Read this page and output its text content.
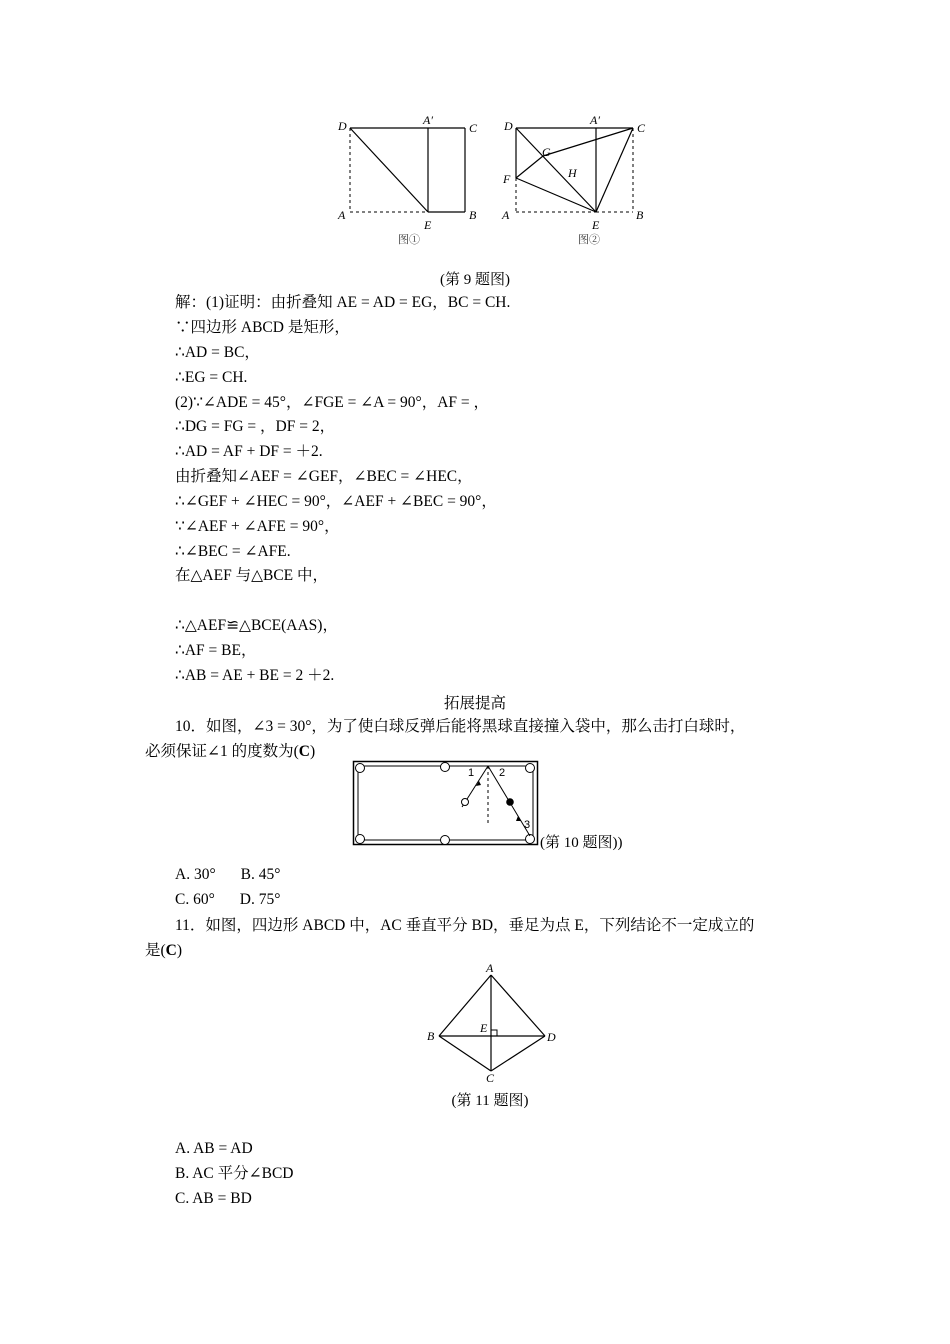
D	A′
C
A
E
B
图①
D	A′
C
G
H
F
A
E
B
图②
(第 9 题图)
解：(1)证明：由折叠知 AE = AD = EG，BC = CH.
∵四边形 ABCD 是矩形，
∴AD = BC，
∴EG = CH.
(2)∵∠ADE = 45°，∠FGE = ∠A = 90°，AF = ，
∴DG = FG = ，DF = 2，
∴AD = AF + DF = ＋2.
由折叠知∠AEF = ∠GEF，∠BEC = ∠HEC，
∴∠GEF + ∠HEC = 90°，∠AEF + ∠BEC = 90°，
∵∠AEF + ∠AFE = 90°，
∴∠BEC = ∠AFE.
在△AEF 与△BCE 中，
∴△AEF≌△BCE(AAS)，
∴AF = BE，
∴AB = AE + BE = 2 ＋2.
拓展提高
10．如图，∠3 = 30°，为了使白球反弹后能将黑球直接撞入袋中，那么击打白球时，
必须保证∠1 的度数为(C)
1 2
3
(第 10 题图))
A. 30° B. 45°
C. 60° D. 75°
11．如图，四边形 ABCD 中，AC 垂直平分 BD，垂足为点 E，下列结论不一定成立的
是(C)
A
B
E
D
C
(第 11 题图)
A. AB = AD
B. AC 平分∠BCD
C. AB = BD
